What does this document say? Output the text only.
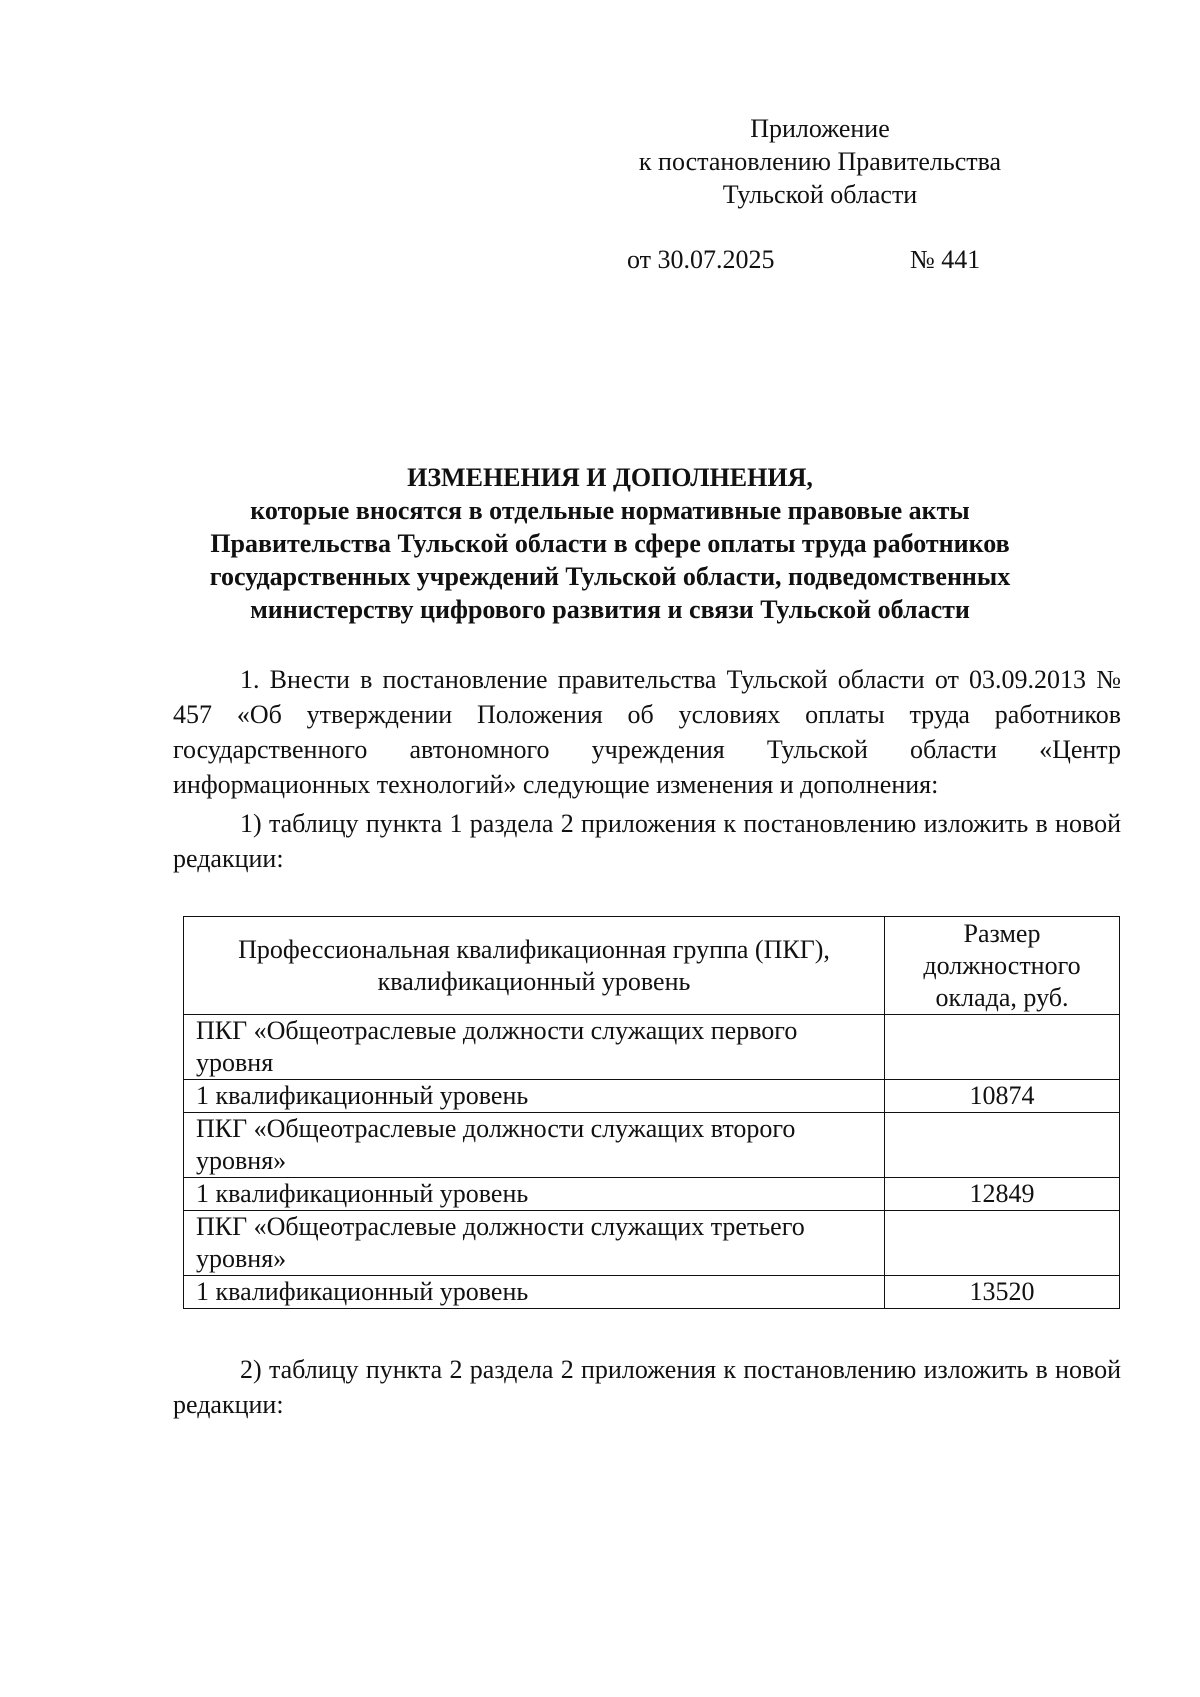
Приложение
к постановлению Правительства
Тульской области
от 30.07.2025	№ 441
ИЗМЕНЕНИЯ И ДОПОЛНЕНИЯ,
которые вносятся в отдельные нормативные правовые акты
Правительства Тульской области в сфере оплаты труда работников
государственных учреждений Тульской области, подведомственных
министерству цифрового развития и связи Тульской области
1. Внести в постановление правительства Тульской области от 03.09.2013 № 457 «Об утверждении Положения об условиях оплаты труда работников государственного автономного учреждения Тульской области «Центр информационных технологий» следующие изменения и дополнения:
1) таблицу пункта 1 раздела 2 приложения к постановлению изложить в новой редакции:
Профессиональная квалификационная группа (ПКГ), квалификационный уровень	Размер должностного оклада, руб.
ПКГ «Общеотраслевые должности служащих первого уровня	
1 квалификационный уровень	10874
ПКГ «Общеотраслевые должности служащих второго уровня»	
1 квалификационный уровень	12849
ПКГ «Общеотраслевые должности служащих третьего уровня»	
1 квалификационный уровень	13520
2) таблицу пункта 2 раздела 2 приложения к постановлению изложить в новой редакции:
